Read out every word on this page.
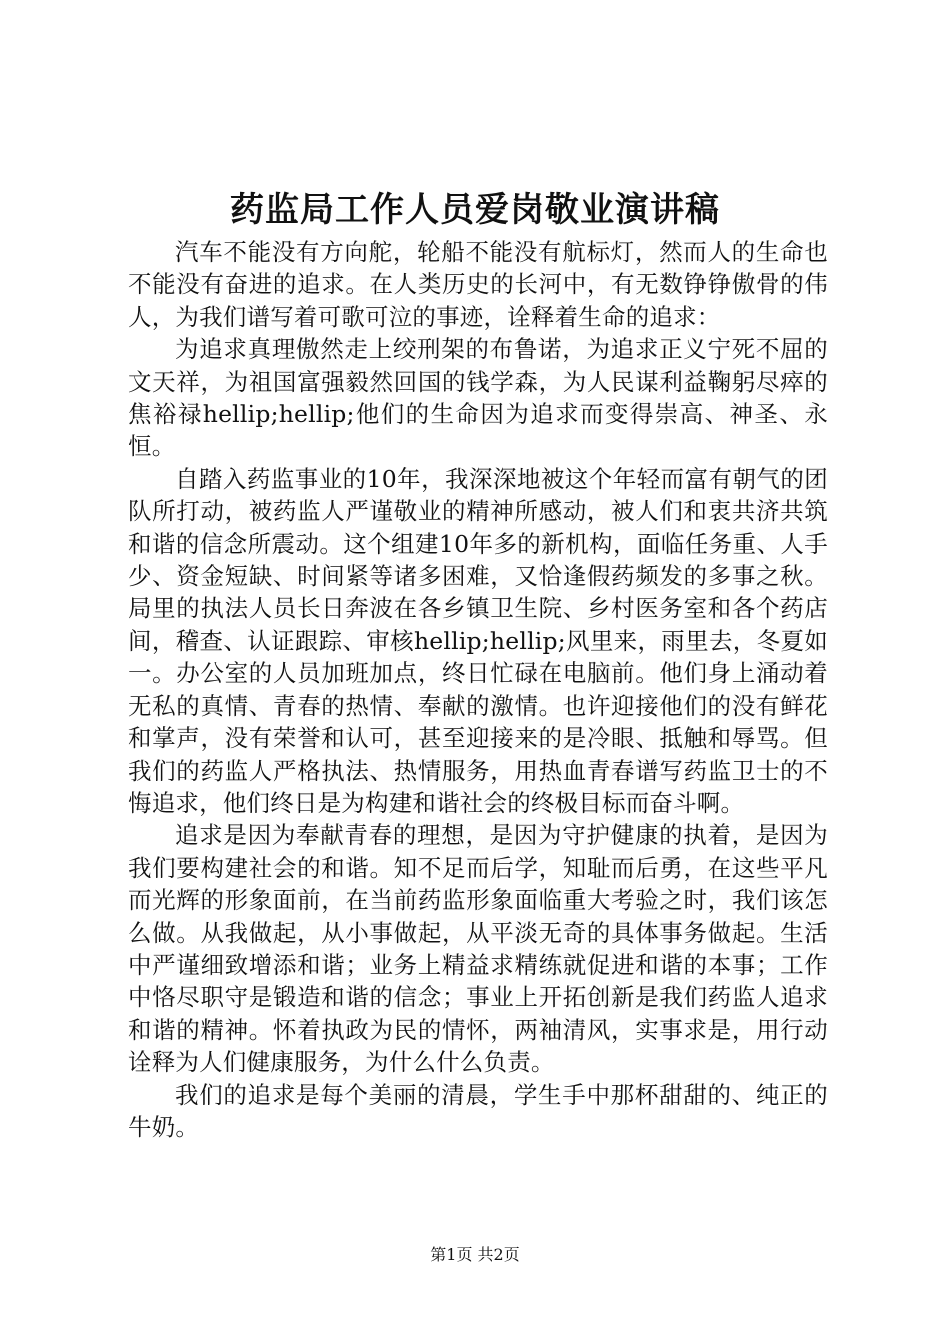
药监局工作人员爱岗敬业演讲稿

汽车不能没有方向舵，轮船不能没有航标灯，然而人的生命也不能没有奋进的追求。在人类历史的长河中，有无数铮铮傲骨的伟人，为我们谱写着可歌可泣的事迹，诠释着生命的追求：

为追求真理傲然走上绞刑架的布鲁诺，为追求正义宁死不屈的文天祥，为祖国富强毅然回国的钱学森，为人民谋利益鞠躬尽瘁的焦裕禄hellip;hellip;他们的生命因为追求而变得崇高、神圣、永恒。

自踏入药监事业的10年，我深深地被这个年轻而富有朝气的团队所打动，被药监人严谨敬业的精神所感动，被人们和衷共济共筑和谐的信念所震动。这个组建10年多的新机构，面临任务重、人手少、资金短缺、时间紧等诸多困难，又恰逢假药频发的多事之秋。局里的执法人员长日奔波在各乡镇卫生院、乡村医务室和各个药店间，稽查、认证跟踪、审核hellip;hellip;风里来，雨里去，冬夏如一。办公室的人员加班加点，终日忙碌在电脑前。他们身上涌动着无私的真情、青春的热情、奉献的激情。也许迎接他们的没有鲜花和掌声，没有荣誉和认可，甚至迎接来的是冷眼、抵触和辱骂。但我们的药监人严格执法、热情服务，用热血青春谱写药监卫士的不悔追求，他们终日是为构建和谐社会的终极目标而奋斗啊。

追求是因为奉献青春的理想，是因为守护健康的执着，是因为我们要构建社会的和谐。知不足而后学，知耻而后勇，在这些平凡而光辉的形象面前，在当前药监形象面临重大考验之时，我们该怎么做。从我做起，从小事做起，从平淡无奇的具体事务做起。生活中严谨细致增添和谐；业务上精益求精练就促进和谐的本事；工作中恪尽职守是锻造和谐的信念；事业上开拓创新是我们药监人追求和谐的精神。怀着执政为民的情怀，两袖清风，实事求是，用行动诠释为人们健康服务，为什么什么负责。

我们的追求是每个美丽的清晨，学生手中那杯甜甜的、纯正的牛奶。

第1页 共2页
